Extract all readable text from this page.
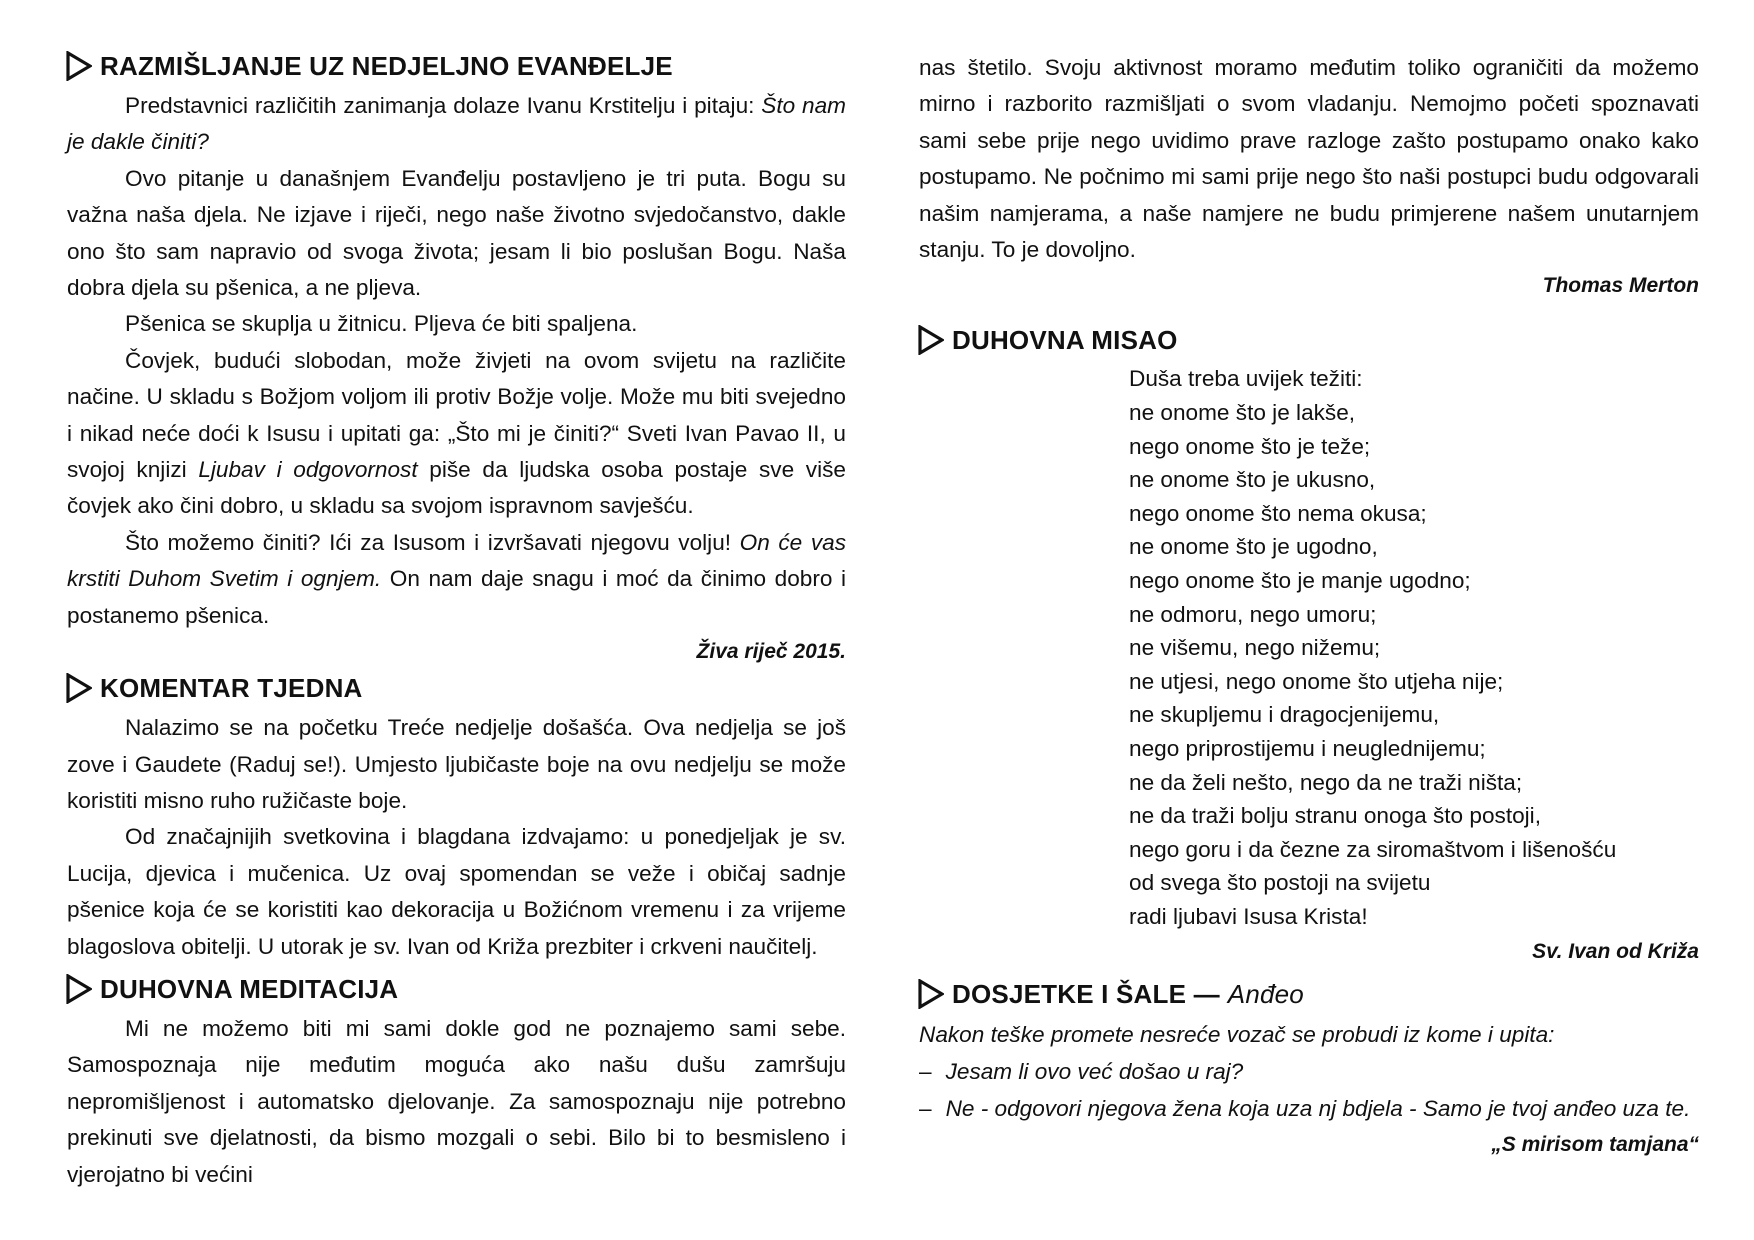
RAZMIŠLJANJE UZ NEDJELJNO EVANĐELJE

Predstavnici različitih zanimanja dolaze Ivanu Krstitelju i pitaju: Što nam je dakle činiti?

Ovo pitanje u današnjem Evanđelju postavljeno je tri puta. Bogu su važna naša djela. Ne izjave i riječi, nego naše životno svjedočanstvo, dakle ono što sam napravio od svoga života; jesam li bio poslušan Bogu. Naša dobra djela su pšenica, a ne pljeva.

Pšenica se skuplja u žitnicu. Pljeva će biti spaljena.

Čovjek, budući slobodan, može živjeti na ovom svijetu na različite načine. U skladu s Božjom voljom ili protiv Božje volje. Može mu biti svejedno i nikad neće doći k Isusu i upitati ga: „Što mi je činiti?“ Sveti Ivan Pavao II, u svojoj knjizi Ljubav i odgovornost piše da ljudska osoba postaje sve više čovjek ako čini dobro, u skladu sa svojom ispravnom savješću.

Što možemo činiti? Ići za Isusom i izvršavati njegovu volju! On će vas krstiti Duhom Svetim i ognjem. On nam daje snagu i moć da činimo dobro i postanemo pšenica.

Živa riječ 2015.

KOMENTAR TJEDNA

Nalazimo se na početku Treće nedjelje došašća. Ova nedjelja se još zove i Gaudete (Raduj se!). Umjesto ljubičaste boje na ovu nedjelju se može koristiti misno ruho ružičaste boje.

Od značajnijih svetkovina i blagdana izdvajamo: u ponedjeljak je sv. Lucija, djevica i mučenica. Uz ovaj spomendan se veže i običaj sadnje pšenice koja će se koristiti kao dekoracija u Božićnom vremenu i za vrijeme blagoslova obitelji. U utorak je sv. Ivan od Križa prezbiter i crkveni naučitelj.

DUHOVNA MEDITACIJA

Mi ne možemo biti mi sami dokle god ne poznajemo sami sebe. Samospoznaja nije međutim moguća ako našu dušu zamršuju nepromišljenost i automatsko djelovanje. Za samospoznaju nije potrebno prekinuti sve djelatnosti, da bismo mozgali o sebi. Bilo bi to besmisleno i vjerojatno bi većini

nas štetilo. Svoju aktivnost moramo međutim toliko ograničiti da možemo mirno i razborito razmišljati o svom vladanju. Nemojmo početi spoznavati sami sebe prije nego uvidimo prave razloge zašto postupamo onako kako postupamo. Ne počnimo mi sami prije nego što naši postupci budu odgovarali našim namjerama, a naše namjere ne budu primjerene našem unutarnjem stanju. To je dovoljno.

Thomas Merton

DUHOVNA MISAO
Duša treba uvijek težiti:
ne onome što je lakše,
nego onome što je teže;
ne onome što je ukusno,
nego onome što nema okusa;
ne onome što je ugodno,
nego onome što je manje ugodno;
ne odmoru, nego umoru;
ne višemu, nego nižemu;
ne utjesi, nego onome što utjeha nije;
ne skupljemu i dragocjenijemu,
nego priprostijemu i neuglednijemu;
ne da želi nešto, nego da ne traži ništa;
ne da traži bolju stranu onoga što postoji,
nego goru i da čezne za siromaštvom i lišenošću
od svega što postoji na svijetu
radi ljubavi Isusa Krista!

Sv. Ivan od Križa

DOSJETKE I ŠALE — Anđeo

Nakon teške promete nesreće vozač se probudi iz kome i upita:

– Jesam li ovo već došao u raj?
– Ne - odgovori njegova žena koja uza nj bdjela - Samo je tvoj anđeo uza te.

„S mirisom tamjana“
